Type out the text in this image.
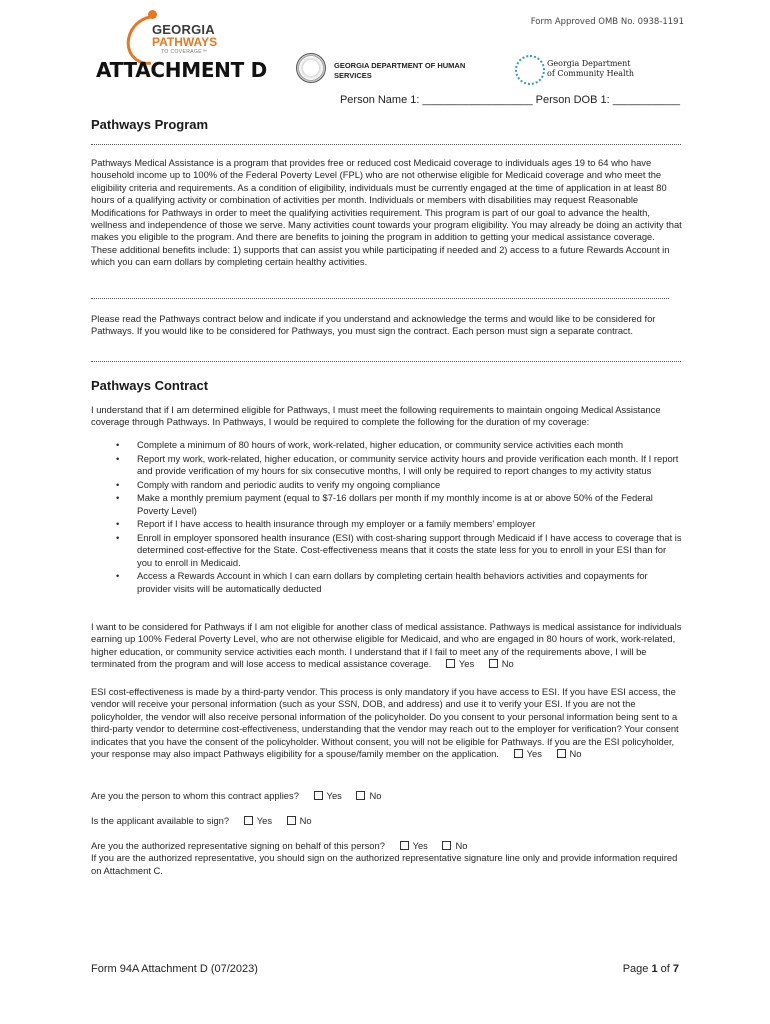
Form Approved OMB No. 0938-1191
GEORGIA
PATHWAYS
TO COVERAGE™
ATTACHMENT D	GEORGIA DEPARTMENT OF HUMAN SERVICES
Georgia Department
of Community Health
Person Name 1: __________________ Person DOB 1: ___________
Pathways Program

Pathways Medical Assistance is a program that provides free or reduced cost Medicaid coverage to individuals ages 19 to 64 who have household income up to 100% of the Federal Poverty Level (FPL) who are not otherwise eligible for Medicaid coverage and who meet the eligibility criteria and requirements. As a condition of eligibility, individuals must be currently engaged at the time of application in at least 80 hours of a qualifying activity or combination of activities per month. Individuals or members with disabilities may request Reasonable Modifications for Pathways in order to meet the qualifying activities requirement. This program is part of our goal to advance the health, wellness and independence of those we serve. Many activities count towards your program eligibility. You may already be doing an activity that makes you eligible to the program. And there are benefits to joining the program in addition to getting your medical assistance coverage. These additional benefits include: 1) supports that can assist you while participating if needed and 2) access to a future Rewards Account in which you can earn dollars by completing certain healthy activities.

Please read the Pathways contract below and indicate if you understand and acknowledge the terms and would like to be considered for Pathways. If you would like to be considered for Pathways, you must sign the contract. Each person must sign a separate contract.

Pathways Contract

I understand that if I am determined eligible for Pathways, I must meet the following requirements to maintain ongoing Medical Assistance coverage through Pathways. In Pathways, I would be required to complete the following for the duration of my coverage:

• Complete a minimum of 80 hours of work, work-related, higher education, or community service activities each month
• Report my work, work-related, higher education, or community service activity hours and provide verification each month. If I report and provide verification of my hours for six consecutive months, I will only be required to report changes to my activity status
• Comply with random and periodic audits to verify my ongoing compliance
• Make a monthly premium payment (equal to $7-16 dollars per month if my monthly income is at or above 50% of the Federal Poverty Level)
• Report if I have access to health insurance through my employer or a family members' employer
• Enroll in employer sponsored health insurance (ESI) with cost-sharing support through Medicaid if I have access to coverage that is determined cost-effective for the State. Cost-effectiveness means that it costs the state less for you to enroll in your ESI than for you to enroll in Medicaid.
• Access a Rewards Account in which I can earn dollars by completing certain health behaviors activities and copayments for provider visits will be automatically deducted

I want to be considered for Pathways if I am not eligible for another class of medical assistance. Pathways is medical assistance for individuals earning up 100% Federal Poverty Level, who are not otherwise eligible for Medicaid, and who are engaged in 80 hours of work, work-related, higher education, or community service activities each month. I understand that if I fail to meet any of the requirements above, I will be terminated from the program and will lose access to medical assistance coverage.	Yes	No

ESI cost-effectiveness is made by a third-party vendor. This process is only mandatory if you have access to ESI. If you have ESI access, the vendor will receive your personal information (such as your SSN, DOB, and address) and use it to verify your ESI. If you are not the policyholder, the vendor will also receive personal information of the policyholder. Do you consent to your personal information being sent to a third-party vendor to determine cost-effectiveness, understanding that the vendor may reach out to the employer for verification? Your consent indicates that you have the consent of the policyholder. Without consent, you will not be eligible for Pathways. If you are the ESI policyholder, your response may also impact Pathways eligibility for a spouse/family member on the application.	Yes	No

Are you the person to whom this contract applies?	Yes	No
Is the applicant available to sign?	Yes	No
Are you the authorized representative signing on behalf of this person?	Yes	No
If you are the authorized representative, you should sign on the authorized representative signature line only and provide information required on Attachment C.
Form 94A Attachment D (07/2023)	Page 1 of 7
